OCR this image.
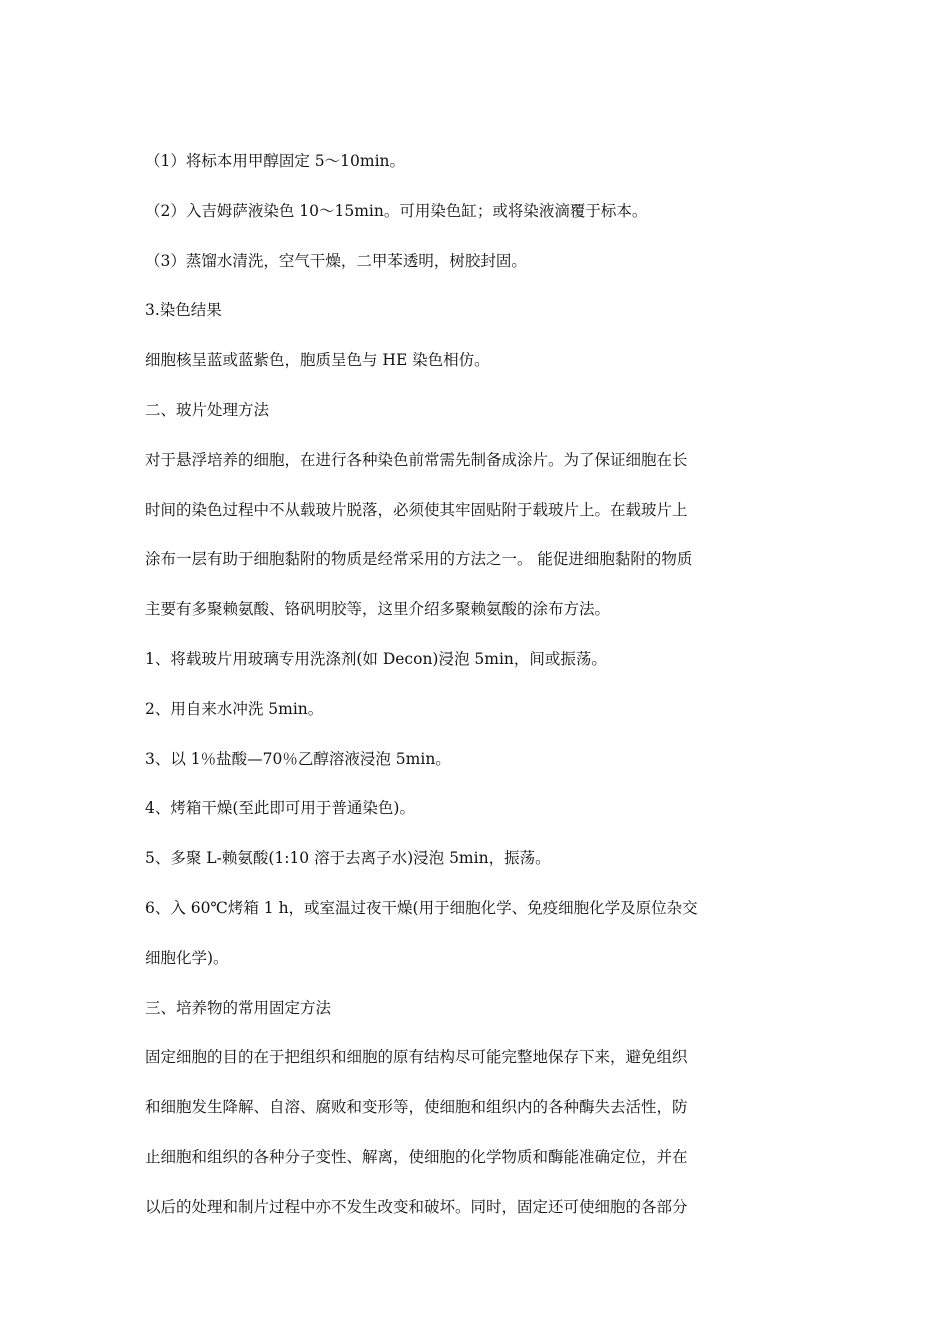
（1）将标本用甲醇固定 5～10min。
（2）入吉姆萨液染色 10～15min。可用染色缸；或将染液滴覆于标本。
（3）蒸馏水清洗，空气干燥，二甲苯透明，树胶封固。
3.染色结果
细胞核呈蓝或蓝紫色，胞质呈色与 HE 染色相仿。
二、玻片处理方法
对于悬浮培养的细胞，在进行各种染色前常需先制备成涂片。为了保证细胞在长
时间的染色过程中不从载玻片脱落，必须使其牢固贴附于载玻片上。在载玻片上
涂布一层有助于细胞黏附的物质是经常采用的方法之一。 能促进细胞黏附的物质
主要有多聚赖氨酸、铬矾明胶等，这里介绍多聚赖氨酸的涂布方法。
1、将载玻片用玻璃专用洗涤剂(如 Decon)浸泡 5min，间或振荡。
2、用自来水冲洗 5min。
3、以 1％盐酸—70％乙醇溶液浸泡 5min。
4、烤箱干燥(至此即可用于普通染色)。
5、多聚 L-赖氨酸(1:10 溶于去离子水)浸泡 5min，振荡。
6、入 60℃烤箱 1 h，或室温过夜干燥(用于细胞化学、免疫细胞化学及原位杂交
细胞化学)。
三、培养物的常用固定方法
固定细胞的目的在于把组织和细胞的原有结构尽可能完整地保存下来，避免组织
和细胞发生降解、自溶、腐败和变形等，使细胞和组织内的各种酶失去活性，防
止细胞和组织的各种分子变性、解离，使细胞的化学物质和酶能准确定位，并在
以后的处理和制片过程中亦不发生改变和破坏。同时，固定还可使细胞的各部分
